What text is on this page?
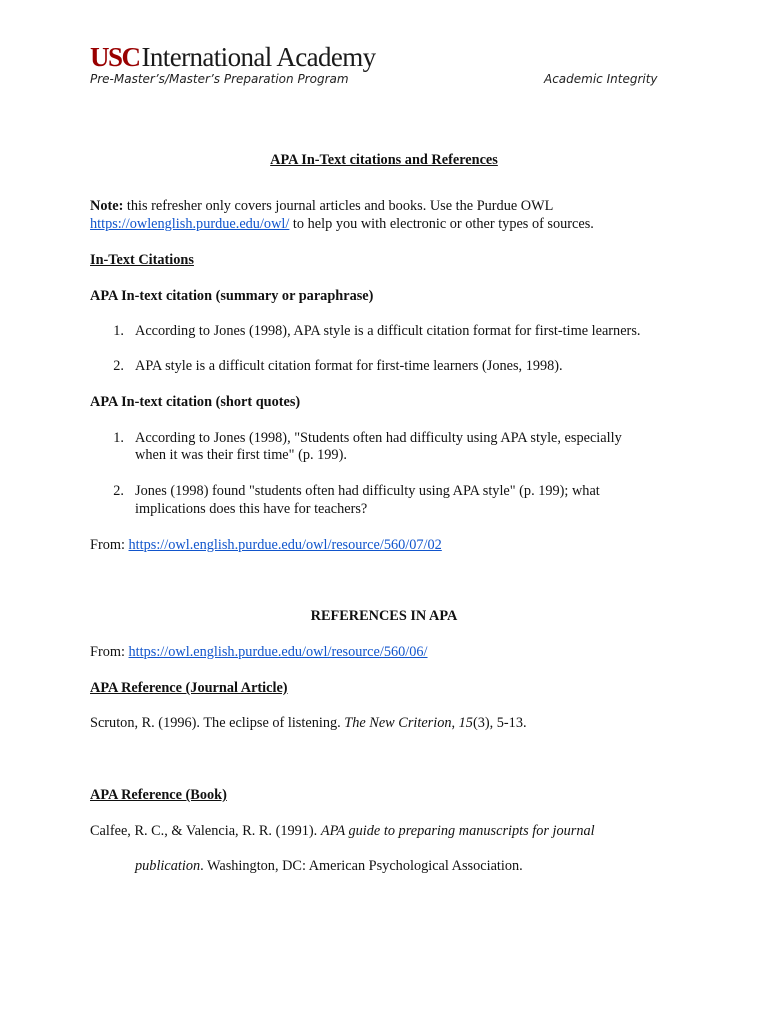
USCInternational Academy
Pre-Master’s/Master’s Preparation Program	Academic Integrity
APA In-Text citations and References
Note: this refresher only covers journal articles and books. Use the Purdue OWL
https://owlenglish.purdue.edu/owl/ to help you with electronic or other types of sources.
In-Text Citations
APA In-text citation (summary or paraphrase)
1. According to Jones (1998), APA style is a difficult citation format for first-time learners.
2. APA style is a difficult citation format for first-time learners (Jones, 1998).
APA In-text citation (short quotes)
1. According to Jones (1998), "Students often had difficulty using APA style, especially
when it was their first time" (p. 199).
2. Jones (1998) found "students often had difficulty using APA style" (p. 199); what
implications does this have for teachers?
From: https://owl.english.purdue.edu/owl/resource/560/07/02
REFERENCES IN APA
From: https://owl.english.purdue.edu/owl/resource/560/06/
APA Reference (Journal Article)
Scruton, R. (1996). The eclipse of listening. The New Criterion, 15(3), 5-13.
APA Reference (Book)
Calfee, R. C., & Valencia, R. R. (1991). APA guide to preparing manuscripts for journal
publication. Washington, DC: American Psychological Association.
